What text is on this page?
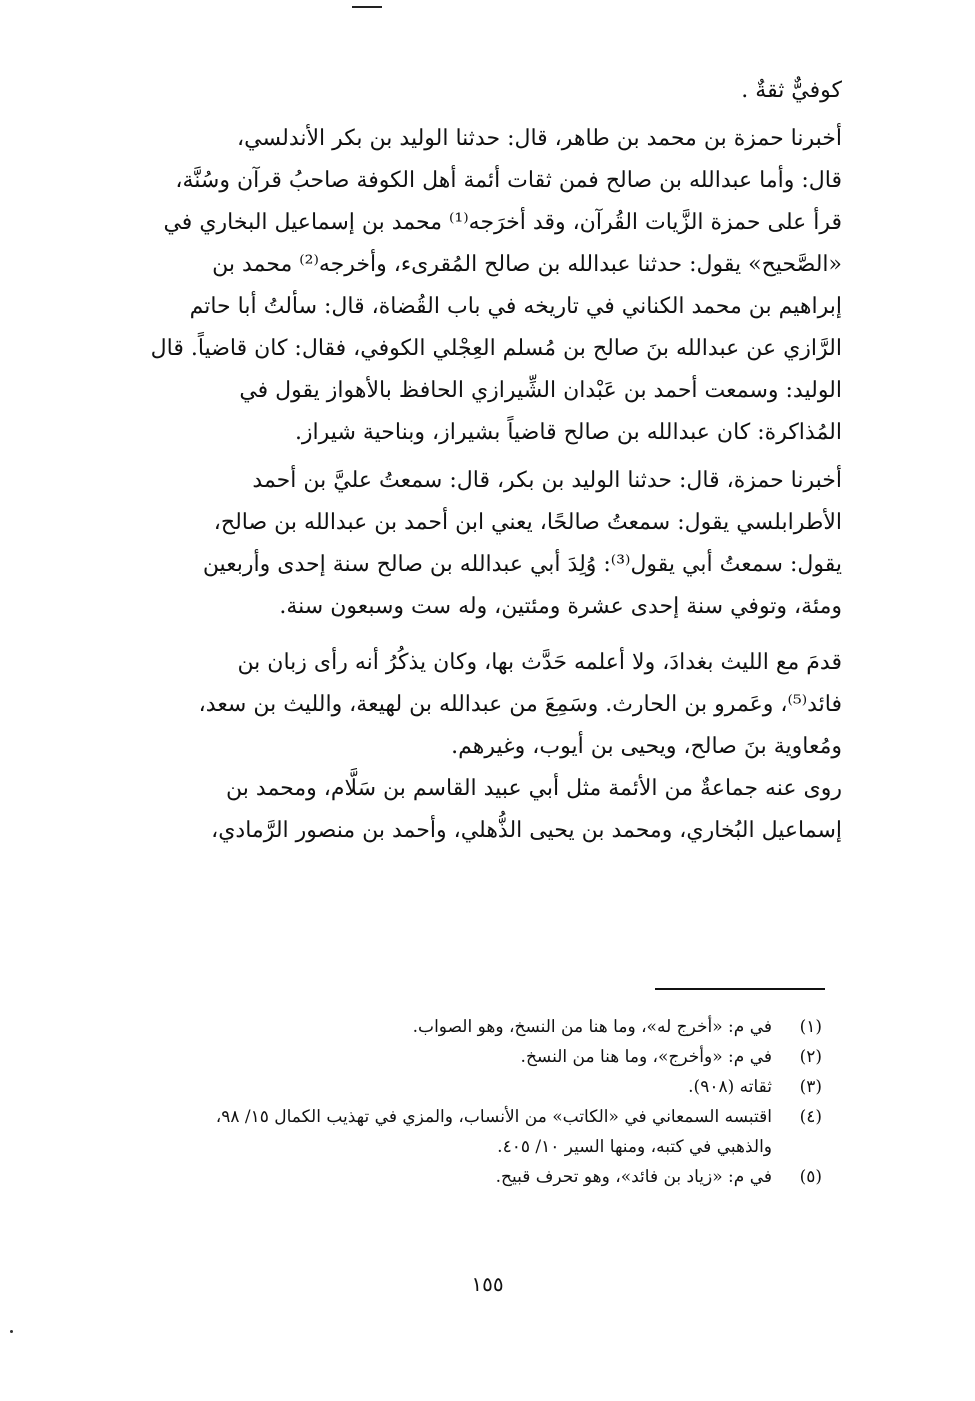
كوفيٌّ ثقةٌ .
أخبرنا حمزة بن محمد بن طاهر، قال: حدثنا الوليد بن بكر الأندلسي،
قال: وأما عبدالله بن صالح فمن ثقات أئمة أهل الكوفة صاحبُ قرآن وسُنَّة،
قرأ على حمزة الزَّيات القُرآن، وقد أخرَجه⁽¹⁾ محمد بن إسماعيل البخاري في
«الصَّحيح» يقول: حدثنا عبدالله بن صالح المُقرىء، وأخرجه⁽²⁾ محمد بن
إبراهيم بن محمد الكناني في تاريخه في باب القُضاة، قال: سألتُ أبا حاتم
الرَّازي عن عبدالله بنَ صالح بن مُسلم العِجْلي الكوفي، فقال: كان قاضياً. قال
الوليد: وسمعت أحمد بن عَبْدان الشِّيرازي الحافظ بالأهواز يقول في
المُذاكرة: كان عبدالله بن صالح قاضياً بشيراز، وبناحية شيراز.
أخبرنا حمزة، قال: حدثنا الوليد بن بكر، قال: سمعتُ عليَّ بن أحمد
الأطرابلسي يقول: سمعتُ صالحًا، يعني ابن أحمد بن عبدالله بن صالح،
يقول: سمعتُ أبي يقول⁽³⁾: وُلِدَ أبي عبدالله بن صالح سنة إحدى وأربعين
ومئة، وتوفي سنة إحدى عشرة ومئتين، وله ست وسبعون سنة.
قدمَ مع الليث بغدادَ، ولا أعلمه حَدَّث بها، وكان يذكُرُ أنه رأى زبان بن
فائد⁽⁵⁾، وعَمرو بن الحارث. وسَمِعَ من عبدالله بن لهيعة، والليث بن سعد،
ومُعاوية بنَ صالح، ويحيى بن أيوب، وغيرهم.
روى عنه جماعةٌ من الأئمة مثل أبي عبيد القاسم بن سَلَّام، ومحمد بن
إسماعيل البُخاري، ومحمد بن يحيى الذُّهلي، وأحمد بن منصور الرَّمادي،
(١)
في م: «أخرج له»، وما هنا من النسخ، وهو الصواب.
(٢)
في م: «وأخرج»، وما هنا من النسخ.
(٣)
ثقاته (٩٠٨).
(٤)
اقتبسه السمعاني في «الكاتب» من الأنساب، والمزي في تهذيب الكمال ١٥/ ٩٨،
والذهبي في كتبه، ومنها السير ١٠/ ٤٠٥.
(٥)
في م: «زياد بن فائد»، وهو تحرف قبيح.
١٥٥
